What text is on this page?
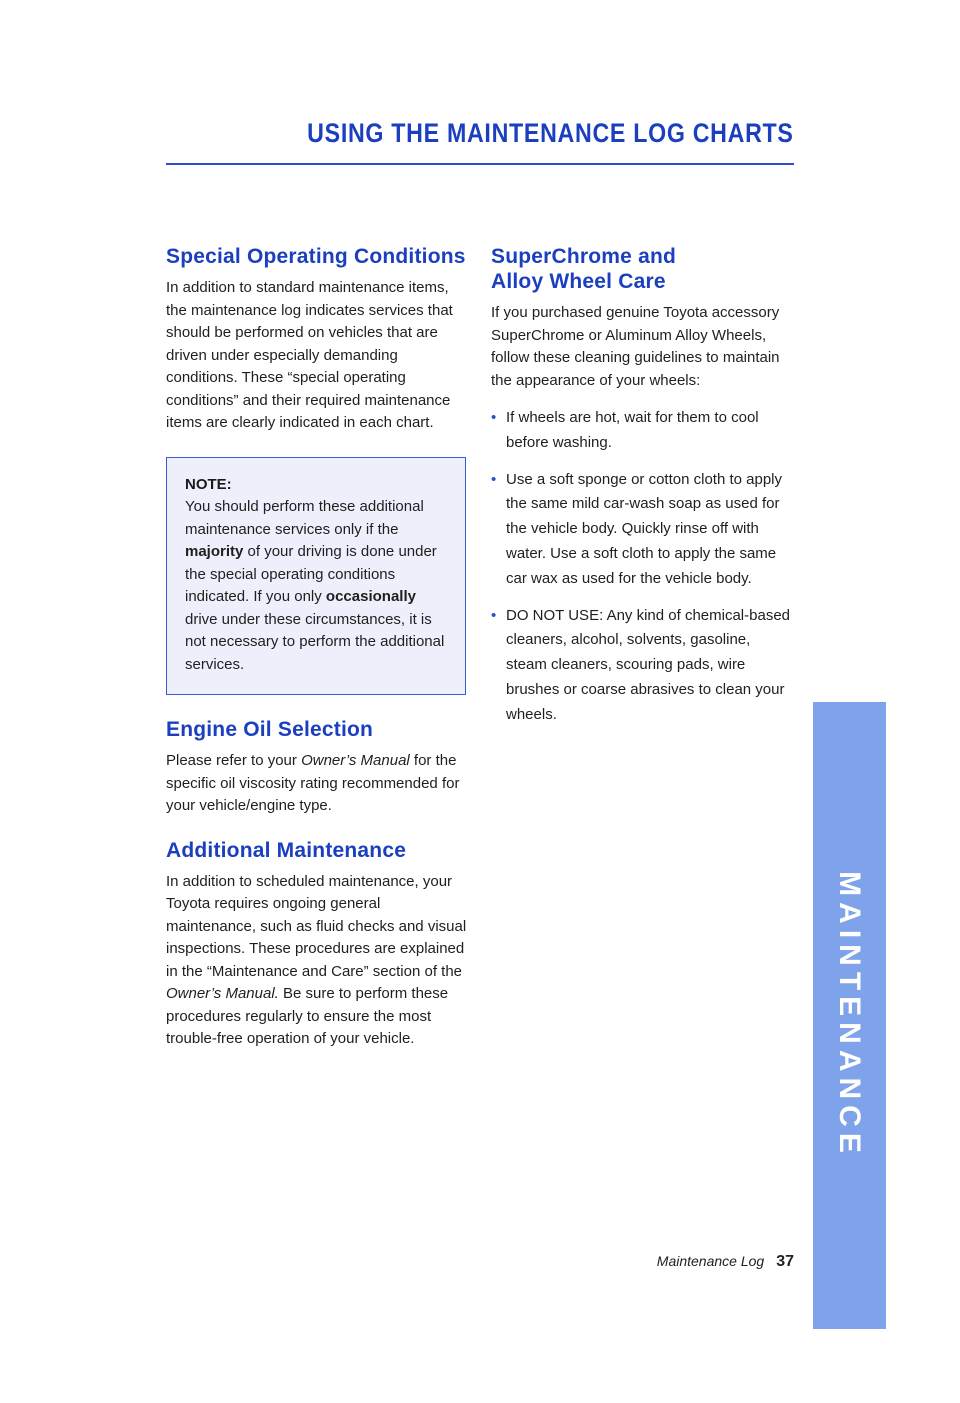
USING THE MAINTENANCE LOG CHARTS
Special Operating Conditions

In addition to standard maintenance items, the maintenance log indicates services that should be performed on vehicles that are driven under especially demanding conditions. These “special operating conditions” and their required maintenance items are clearly indicated in each chart.

NOTE:

You should perform these additional maintenance services only if the majority of your driving is done under the special operating conditions indicated. If you only occasionally drive under these circumstances, it is not necessary to perform the additional services.

Engine Oil Selection

Please refer to your Owner’s Manual for the specific oil viscosity rating recommended for your vehicle/engine type.

Additional Maintenance

In addition to scheduled maintenance, your Toyota requires ongoing general maintenance, such as fluid checks and visual inspections. These procedures are explained in the “Maintenance and Care” section of the Owner’s Manual. Be sure to perform these procedures regularly to ensure the most trouble-free operation of your vehicle.

SuperChrome and
Alloy Wheel Care

If you purchased genuine Toyota accessory SuperChrome or Aluminum Alloy Wheels, follow these cleaning guidelines to maintain the appearance of your wheels:

• If wheels are hot, wait for them to cool before washing.
• Use a soft sponge or cotton cloth to apply the same mild car-wash soap as used for the vehicle body. Quickly rinse off with water. Use a soft cloth to apply the same car wax as used for the vehicle body.
• DO NOT USE: Any kind of chemical-based cleaners, alcohol, solvents, gasoline, steam cleaners, scouring pads, wire brushes or coarse abrasives to clean your wheels.
MAINTENANCE
Maintenance Log 37
